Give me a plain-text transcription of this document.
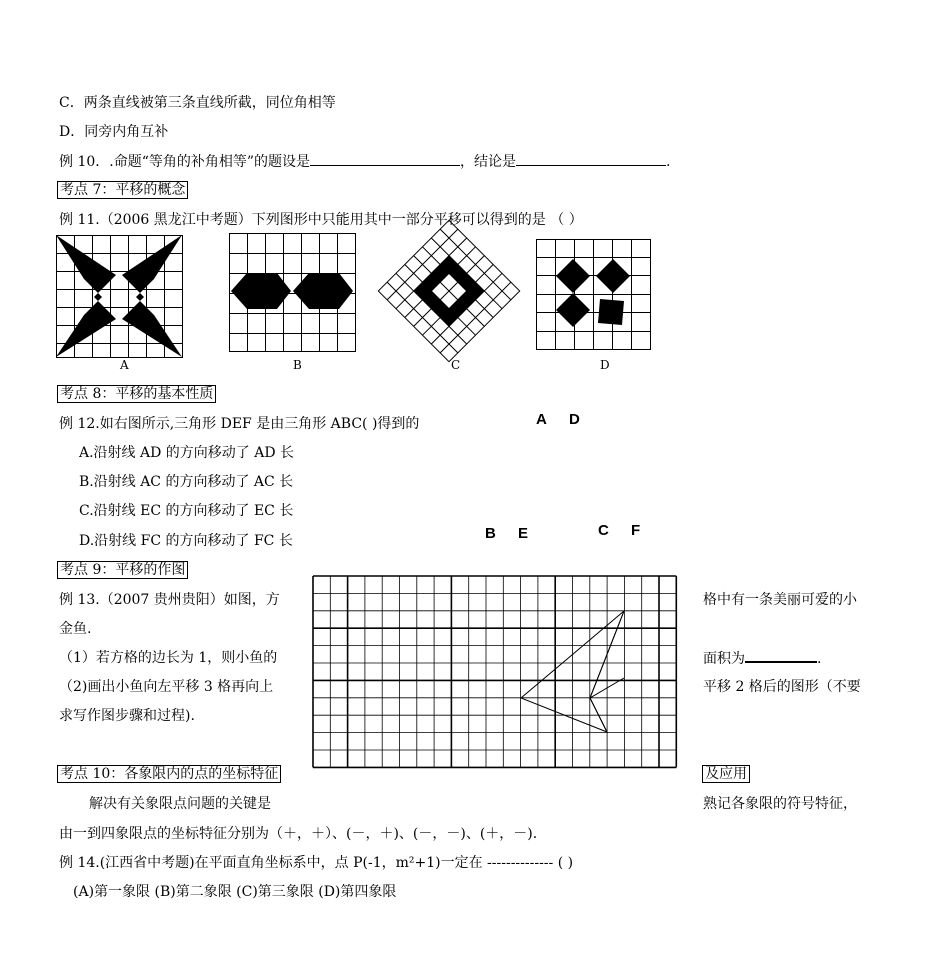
C．两条直线被第三条直线所截，同位角相等
D．同旁内角互补
例 10．.命题“等角的补角相等”的题设是	，结论是	.
考点 7：平移的概念
例 11.（2006 黑龙江中考题）下列图形中只能用其中一部分平移可以得到的是 （ ）
A	B	C	D
考点 8：平移的基本性质
例 12.如右图所示,三角形 DEF 是由三角形 ABC( )得到的	A D
B E	C F
A.沿射线 AD 的方向移动了 AD 长
B.沿射线 AC 的方向移动了 AC 长
C.沿射线 EC 的方向移动了 EC 长
D.沿射线 FC 的方向移动了 FC 长
考点 9：平移的作图
例 13.（2007 贵州贵阳）如图，方	格中有一条美丽可爱的小
金鱼.
（1）若方格的边长为 1，则小鱼的	面积为	.
（2)画出小鱼向左平移 3 格再向上	平移 2 格后的图形（不要
求写作图步骤和过程).
考点 10：各象限内的点的坐标特征	及应用
解决有关象限点问题的关键是	熟记各象限的符号特征，
由一到四象限点的坐标特征分别为（＋，＋）、(－，＋)、(－，－)、(＋，－)．
例 14.(江西省中考题)在平面直角坐标系中，点 P(-1，m²+1)一定在 -------------- ( )
(A)第一象限 (B)第二象限 (C)第三象限 (D)第四象限
